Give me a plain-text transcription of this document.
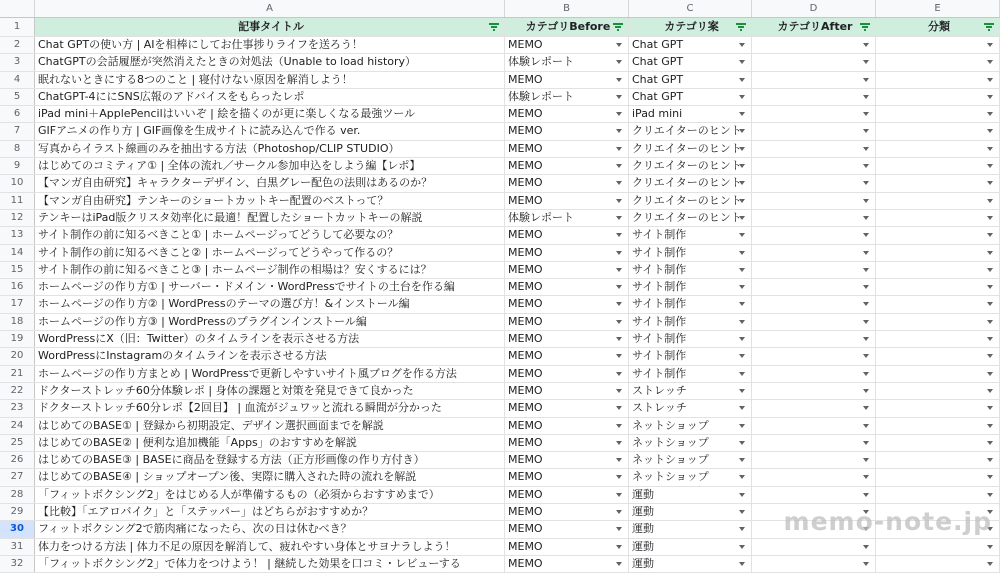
A	B	C	D	E
1	記事タイトル	カテゴリBefore	カテゴリ案	カテゴリAfter	分類
2	Chat GPTの使い方 | AIを相棒にしてお仕事捗りライフを送ろう！	MEMO	Chat GPT
3	ChatGPTの会話履歴が突然消えたときの対処法（Unable to load history）	体験レポート	Chat GPT
4	眠れないときにする8つのこと | 寝付けない原因を解消しよう！	MEMO	Chat GPT
5	ChatGPT-4ににSNS広報のアドバイスをもらったレポ	体験レポート	Chat GPT
6	iPad mini＋ApplePencilはいいぞ | 絵を描くのが更に楽しくなる最強ツール	MEMO	iPad mini
7	GIFアニメの作り方 | GIF画像を生成サイトに読み込んで作る ver.	MEMO	クリエイターのヒント
8	写真からイラスト線画のみを抽出する方法（Photoshop/CLIP STUDIO）	MEMO	クリエイターのヒント
9	はじめてのコミティア① | 全体の流れ／サークル参加申込をしよう編【レポ】	MEMO	クリエイターのヒント
10	【マンガ自由研究】キャラクターデザイン、白黒グレー配色の法則はあるのか？	MEMO	クリエイターのヒント
11	【マンガ自由研究】テンキーのショートカットキー配置のベストって？	MEMO	クリエイターのヒント
12	テンキーはiPad版クリスタ効率化に最適！配置したショートカットキーの解説	体験レポート	クリエイターのヒント
13	サイト制作の前に知るべきこと① | ホームページってどうして必要なの？	MEMO	サイト制作
14	サイト制作の前に知るべきこと② | ホームページってどうやって作るの？	MEMO	サイト制作
15	サイト制作の前に知るべきこと③ | ホームページ制作の相場は？安くするには？	MEMO	サイト制作
16	ホームページの作り方① | サーバー・ドメイン・WordPressでサイトの土台を作る編	MEMO	サイト制作
17	ホームページの作り方② | WordPressのテーマの選び方！&インストール編	MEMO	サイト制作
18	ホームページの作り方③ | WordPressのプラグインインストール編	MEMO	サイト制作
19	WordPressにX（旧：Twitter）のタイムラインを表示させる方法	MEMO	サイト制作
20	WordPressにInstagramのタイムラインを表示させる方法	MEMO	サイト制作
21	ホームページの作り方まとめ | WordPressで更新しやすいサイト風ブログを作る方法	MEMO	サイト制作
22	ドクターストレッチ60分体験レポ | 身体の課題と対策を発見できて良かった	MEMO	ストレッチ
23	ドクターストレッチ60分レポ【2回目】 | 血流がジュワッと流れる瞬間が分かった	MEMO	ストレッチ
24	はじめてのBASE① | 登録から初期設定、デザイン選択画面までを解説	MEMO	ネットショップ
25	はじめてのBASE② | 便利な追加機能「Apps」のおすすめを解説	MEMO	ネットショップ
26	はじめてのBASE③ | BASEに商品を登録する方法（正方形画像の作り方付き）	MEMO	ネットショップ
27	はじめてのBASE④ | ショップオープン後、実際に購入された時の流れを解説	MEMO	ネットショップ
28	「フィットボクシング2」をはじめる人が準備するもの（必須からおすすめまで）	MEMO	運動
29	【比較】「エアロバイク」と「ステッパー」はどちらがおすすめか？	MEMO	運動
30	フィットボクシング2で筋肉痛になったら、次の日は休むべき？	MEMO	運動
31	体力をつける方法 | 体力不足の原因を解消して、疲れやすい身体とサヨナラしよう！	MEMO	運動
32	「フィットボクシング2」で体力をつけよう！ | 継続した効果を口コミ・レビューする	MEMO	運動
memo-note.jp
